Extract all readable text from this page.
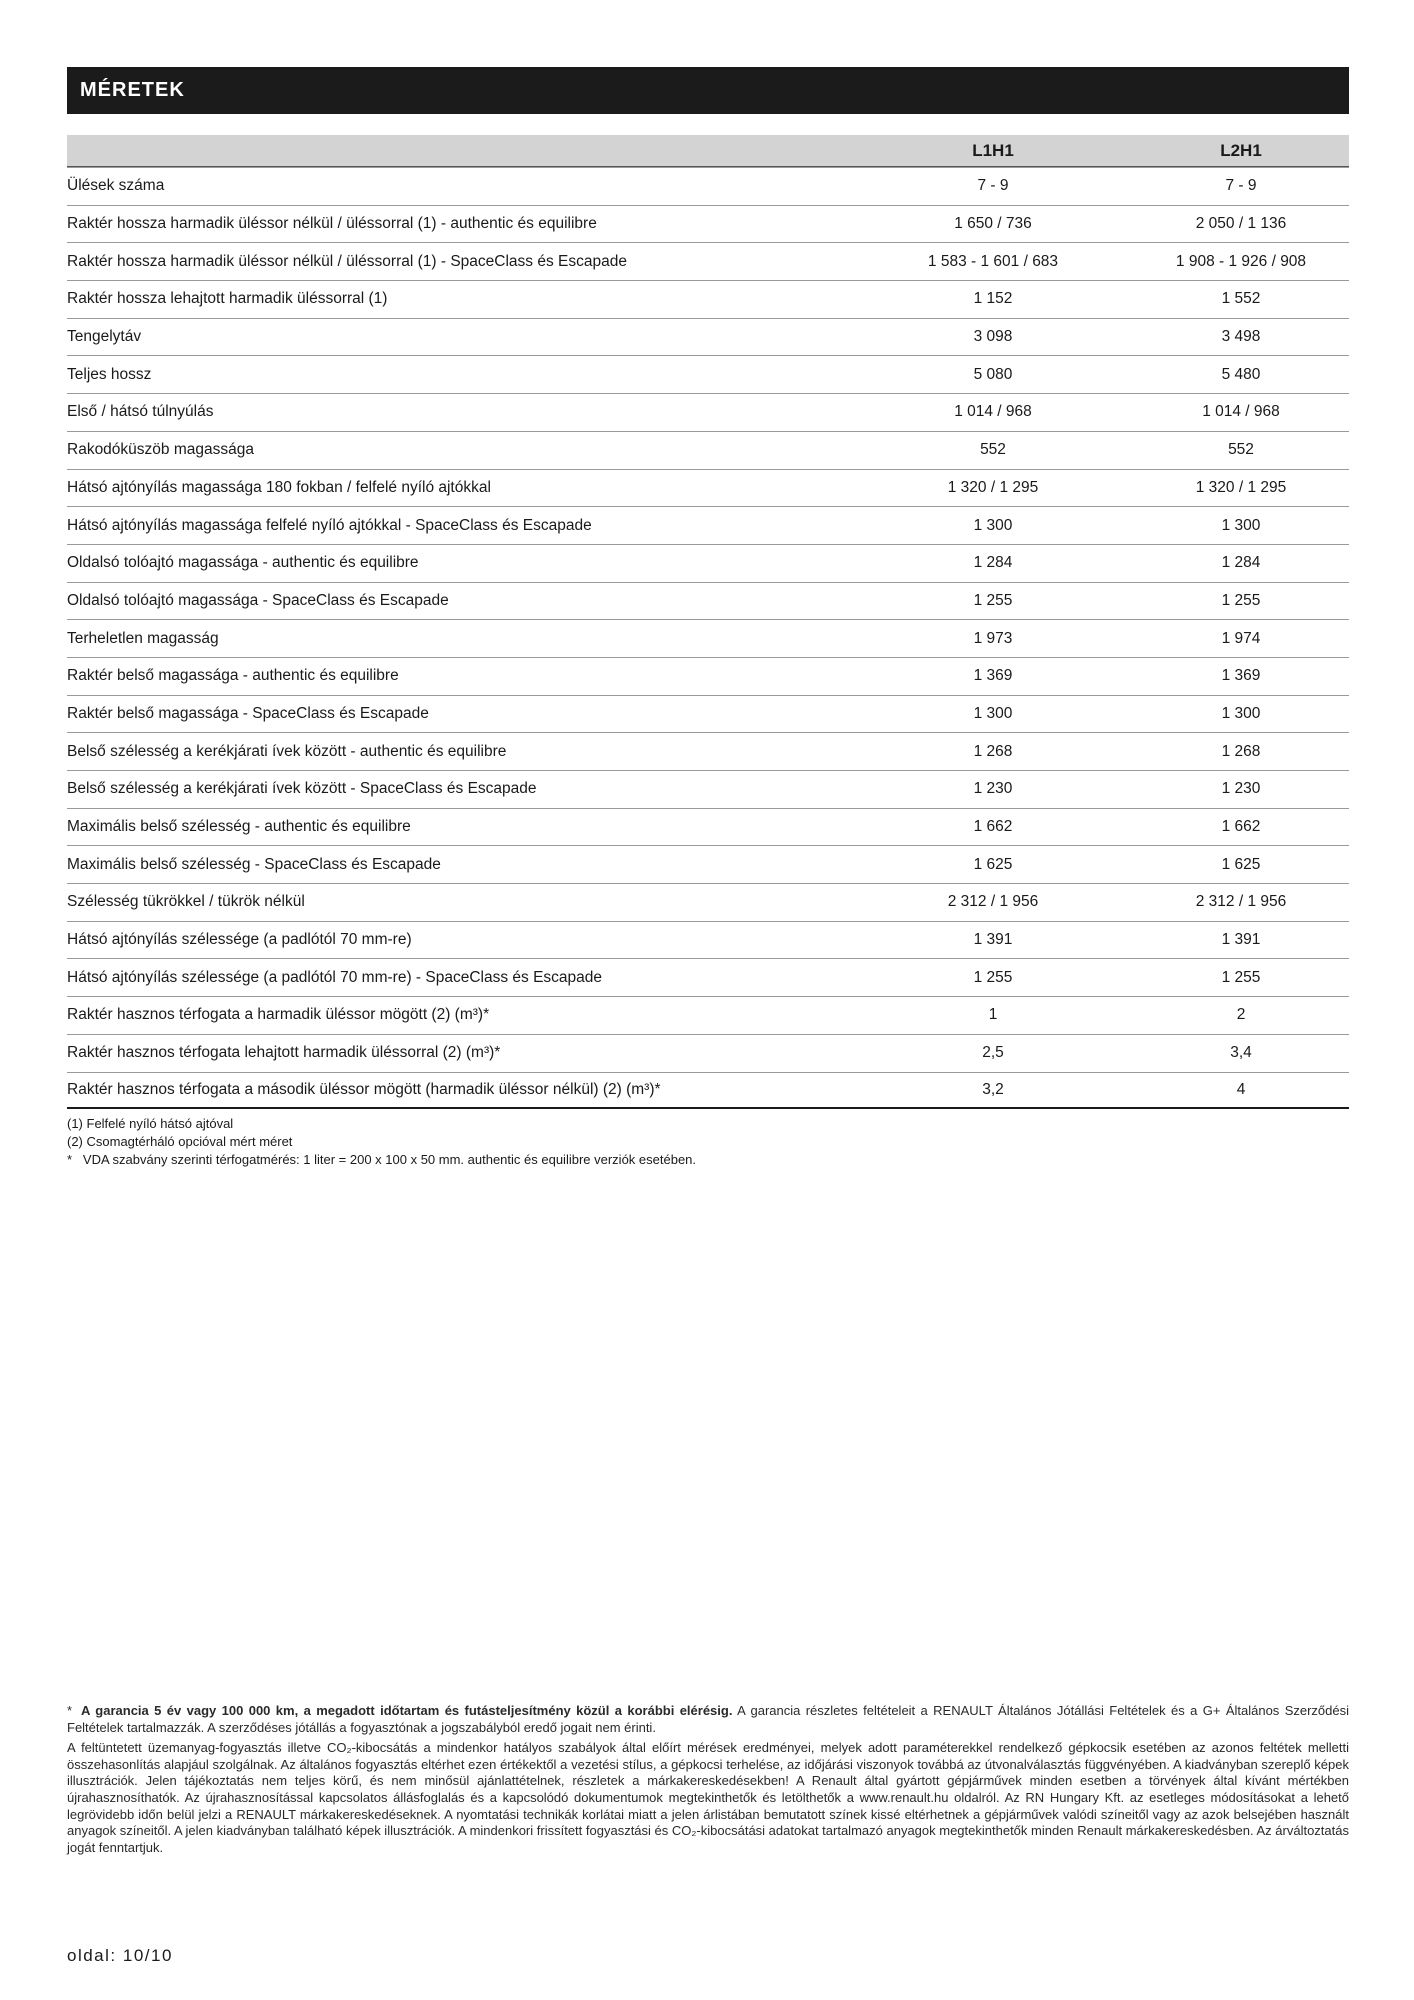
MÉRETEK
L1H1	L2H1
Ülések száma	7 - 9	7 - 9
Raktér hossza harmadik üléssor nélkül / üléssorral (1) - authentic és equilibre	1 650 / 736	2 050 / 1 136
Raktér hossza harmadik üléssor nélkül / üléssorral (1) - SpaceClass és Escapade	1 583 - 1 601 / 683	1 908 - 1 926 / 908
Raktér hossza lehajtott harmadik üléssorral (1)	1 152	1 552
Tengelytáv	3 098	3 498
Teljes hossz	5 080	5 480
Első / hátsó túlnyúlás	1 014 / 968	1 014 / 968
Rakodóküszöb magassága	552	552
Hátsó ajtónyílás magassága 180 fokban / felfelé nyíló ajtókkal	1 320 / 1 295	1 320 / 1 295
Hátsó ajtónyílás magassága felfelé nyíló ajtókkal - SpaceClass és Escapade	1 300	1 300
Oldalsó tolóajtó magassága - authentic és equilibre	1 284	1 284
Oldalsó tolóajtó magassága - SpaceClass és Escapade	1 255	1 255
Terheletlen magasság	1 973	1 974
Raktér belső magassága - authentic és equilibre	1 369	1 369
Raktér belső magassága - SpaceClass és Escapade	1 300	1 300
Belső szélesség a kerékjárati ívek között - authentic és equilibre	1 268	1 268
Belső szélesség a kerékjárati ívek között - SpaceClass és Escapade	1 230	1 230
Maximális belső szélesség - authentic és equilibre	1 662	1 662
Maximális belső szélesség - SpaceClass és Escapade	1 625	1 625
Szélesség tükrökkel / tükrök nélkül	2 312 / 1 956	2 312 / 1 956
Hátsó ajtónyílás szélessége (a padlótól 70 mm-re)	1 391	1 391
Hátsó ajtónyílás szélessége (a padlótól 70 mm-re) - SpaceClass és Escapade	1 255	1 255
Raktér hasznos térfogata a harmadik üléssor mögött (2) (m³)*	1	2
Raktér hasznos térfogata lehajtott harmadik üléssorral (2) (m³)*	2,5	3,4
Raktér hasznos térfogata a második üléssor mögött (harmadik üléssor nélkül) (2) (m³)*	3,2	4
(1) Felfelé nyíló hátsó ajtóval
(2) Csomagtérháló opcióval mért méret
*   VDA szabvány szerinti térfogatmérés: 1 liter = 200 x 100 x 50 mm. authentic és equilibre verziók esetében.

* A garancia 5 év vagy 100 000 km, a megadott időtartam és futásteljesítmény közül a korábbi elérésig. A garancia részletes feltételeit a RENAULT Általános Jótállási Feltételek és a G+ Általános Szerződési Feltételek tartalmazzák. A szerződéses jótállás a fogyasztónak a jogszabályból eredő jogait nem érinti.

A feltüntetett üzemanyag-fogyasztás illetve CO₂-kibocsátás a mindenkor hatályos szabályok által előírt mérések eredményei, melyek adott paraméterekkel rendelkező gépkocsik esetében az azonos feltétek melletti összehasonlítás alapjául szolgálnak. Az általános fogyasztás eltérhet ezen értékektől a vezetési stílus, a gépkocsi terhelése, az időjárási viszonyok továbbá az útvonalválasztás függvényében. A kiadványban szereplő képek illusztrációk. Jelen tájékoztatás nem teljes körű, és nem minősül ajánlattételnek, részletek a márkakereskedésekben! A Renault által gyártott gépjárművek minden esetben a törvények által kívánt mértékben újrahasznosíthatók. Az újrahasznosítással kapcsolatos állásfoglalás és a kapcsolódó dokumentumok megtekinthetők és letölthetők a www.renault.hu oldalról. Az RN Hungary Kft. az esetleges módosításokat a lehető legrövidebb időn belül jelzi a RENAULT márkakereskedéseknek. A nyomtatási technikák korlátai miatt a jelen árlistában bemutatott színek kissé eltérhetnek a gépjárművek valódi színeitől vagy az azok belsejében használt anyagok színeitől. A jelen kiadványban található képek illusztrációk. A mindenkori frissített fogyasztási és CO₂-kibocsátási adatokat tartalmazó anyagok megtekinthetők minden Renault márkakereskedésben. Az árváltoztatás jogát fenntartjuk.

oldal: 10/10
